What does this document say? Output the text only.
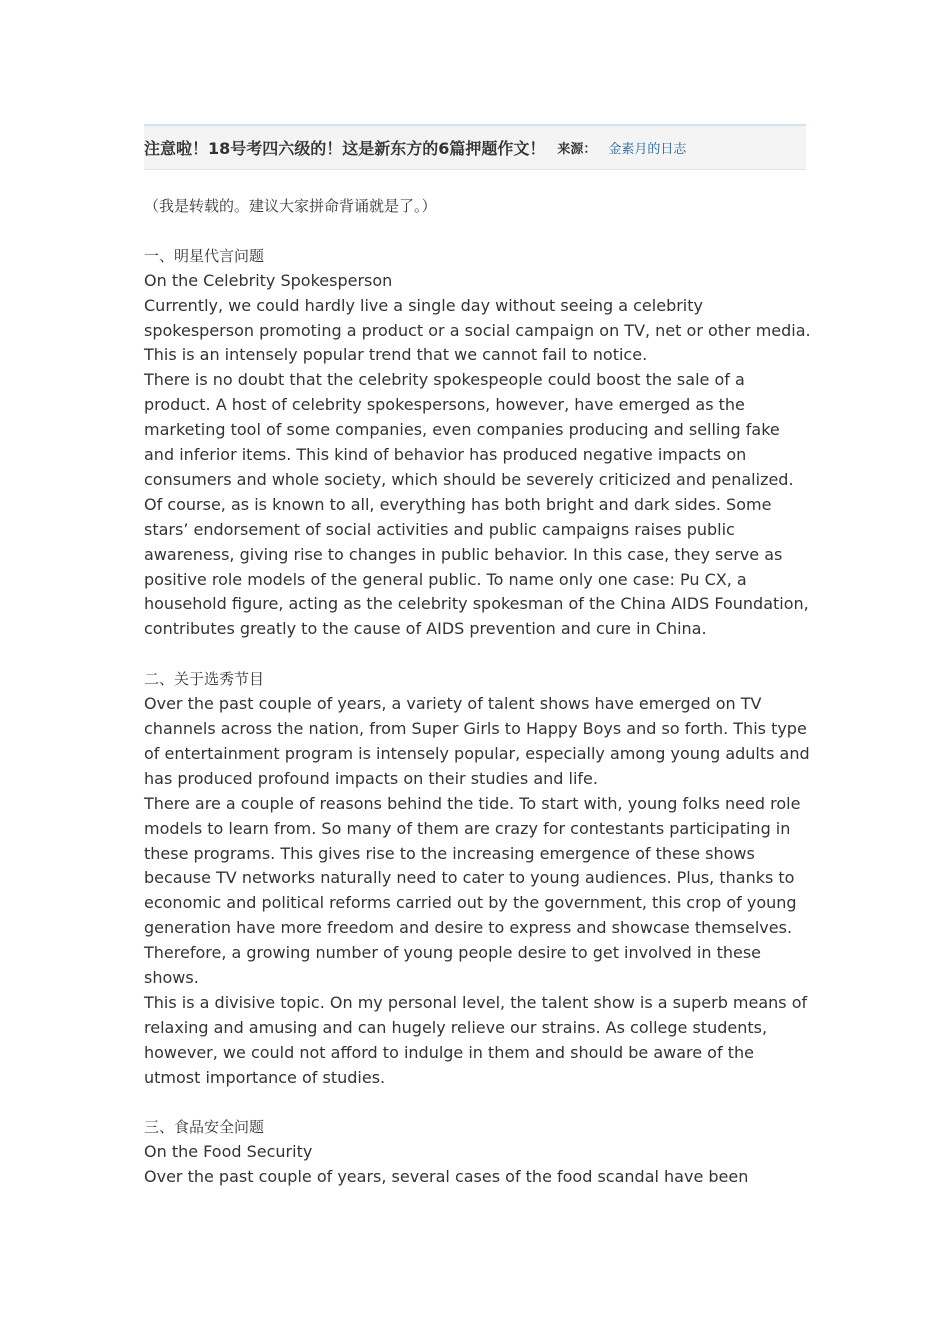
注意啦！18号考四六级的！这是新东方的6篇押题作文！ 来源： 金素月的日志

（我是转载的。建议大家拼命背诵就是了。）

一、明星代言问题

On the Celebrity Spokesperson

Currently, we could hardly live a single day without seeing a celebrity spokesperson promoting a product or a social campaign on TV, net or other media. This is an intensely popular trend that we cannot fail to notice.

There is no doubt that the celebrity spokespeople could boost the sale of a product. A host of celebrity spokespersons, however, have emerged as the marketing tool of some companies, even companies producing and selling fake and inferior items. This kind of behavior has produced negative impacts on consumers and whole society, which should be severely criticized and penalized. Of course, as is known to all, everything has both bright and dark sides. Some stars’ endorsement of social activities and public campaigns raises public awareness, giving rise to changes in public behavior. In this case, they serve as positive role models of the general public. To name only one case: Pu CX, a household figure, acting as the celebrity spokesman of the China AIDS Foundation, contributes greatly to the cause of AIDS prevention and cure in China.

二、关于选秀节目

Over the past couple of years, a variety of talent shows have emerged on TV channels across the nation, from Super Girls to Happy Boys and so forth. This type of entertainment program is intensely popular, especially among young adults and has produced profound impacts on their studies and life.

There are a couple of reasons behind the tide. To start with, young folks need role models to learn from. So many of them are crazy for contestants participating in these programs. This gives rise to the increasing emergence of these shows because TV networks naturally need to cater to young audiences. Plus, thanks to economic and political reforms carried out by the government, this crop of young generation have more freedom and desire to express and showcase themselves. Therefore, a growing number of young people desire to get involved in these shows.

This is a divisive topic. On my personal level, the talent show is a superb means of relaxing and amusing and can hugely relieve our strains. As college students, however, we could not afford to indulge in them and should be aware of the utmost importance of studies.

三、食品安全问题

On the Food Security

Over the past couple of years, several cases of the food scandal have been
